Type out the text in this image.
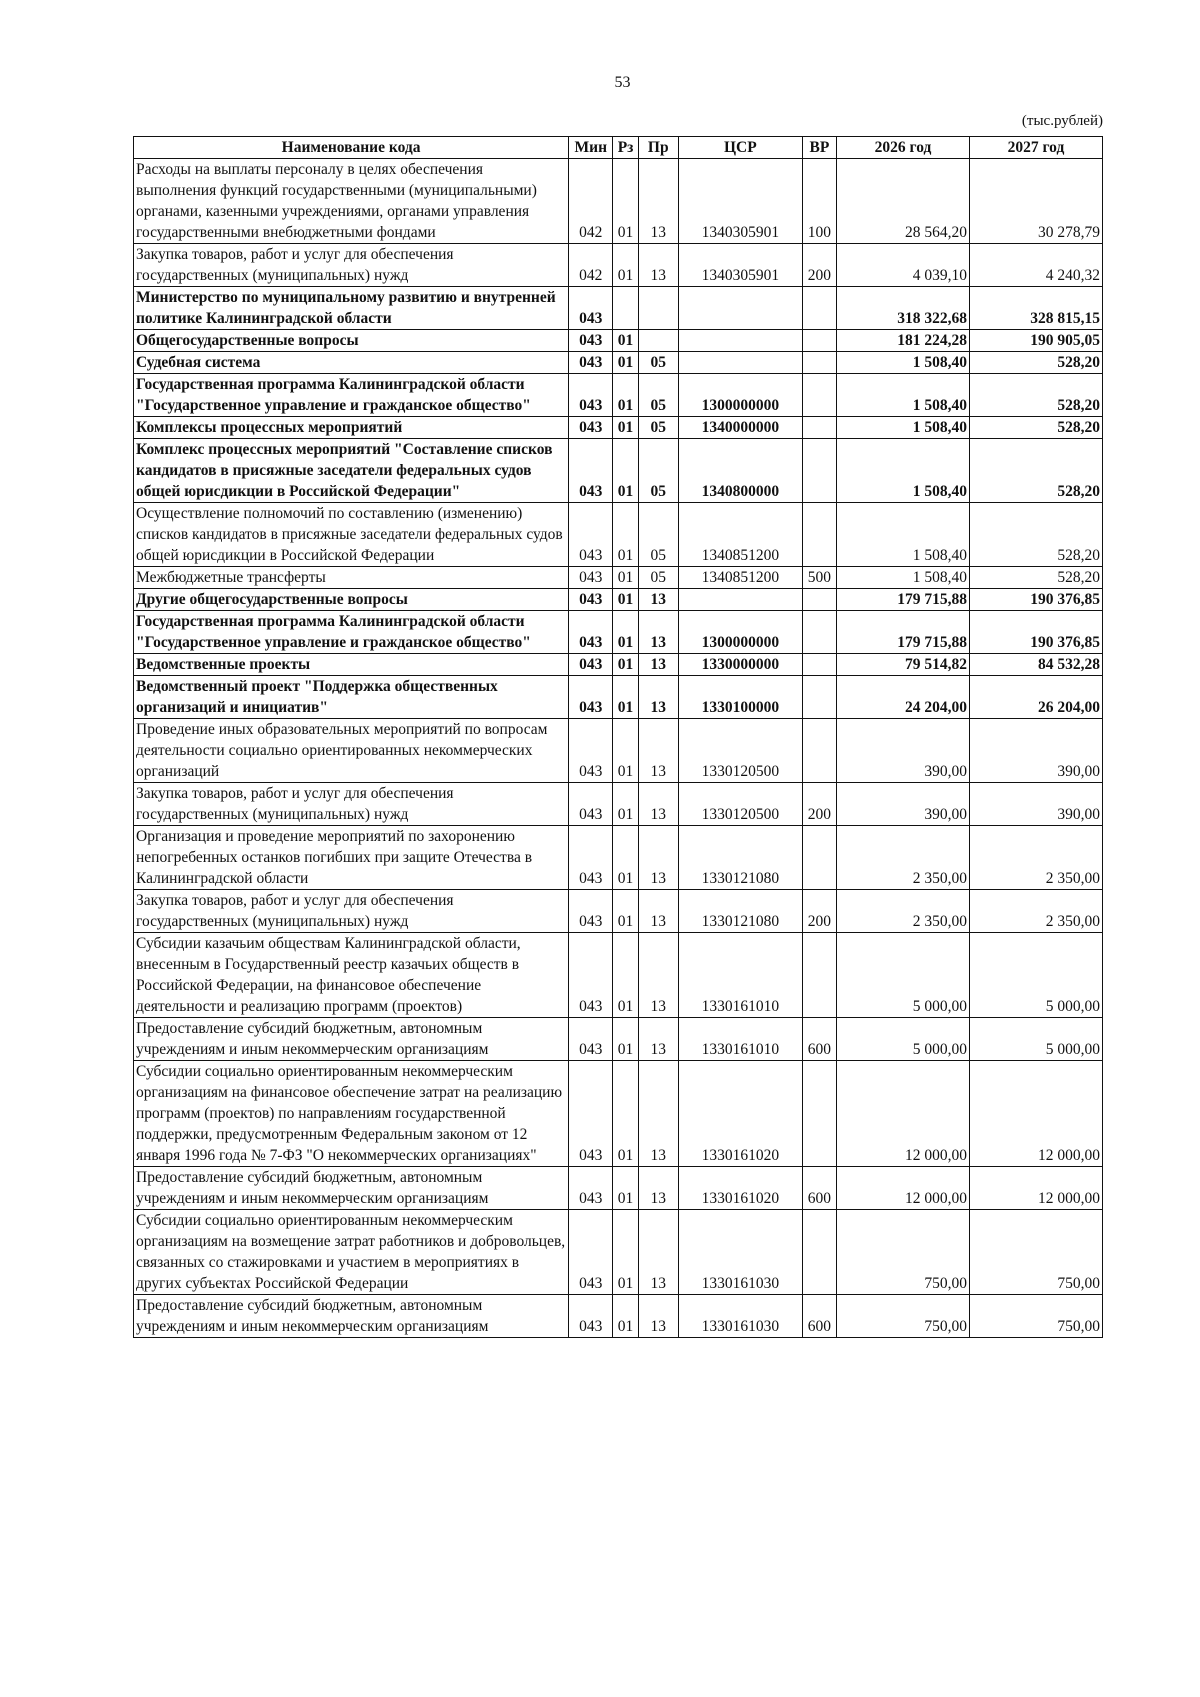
53
(тыс.рублей)
Наименование кода	Мин	Рз	Пр	ЦСР	ВР	2026 год	2027 год
Расходы на выплаты персоналу в целях обеспечения выполнения функций государственными (муниципальными) органами, казенными учреждениями, органами управления государственными внебюджетными фондами	042	01	13	1340305901	100	28 564,20	30 278,79
Закупка товаров, работ и услуг для обеспечения государственных (муниципальных) нужд	042	01	13	1340305901	200	4 039,10	4 240,32
Министерство по муниципальному развитию и внутренней политике Калининградской области	043					318 322,68	328 815,15
Общегосударственные вопросы	043	01				181 224,28	190 905,05
Судебная система	043	01	05			1 508,40	528,20
Государственная программа Калининградской области "Государственное управление и гражданское общество"	043	01	05	1300000000		1 508,40	528,20
Комплексы процессных мероприятий	043	01	05	1340000000		1 508,40	528,20
Комплекс процессных мероприятий "Составление списков кандидатов в присяжные заседатели федеральных судов общей юрисдикции в Российской Федерации"	043	01	05	1340800000		1 508,40	528,20
Осуществление полномочий по составлению (изменению) списков кандидатов в присяжные заседатели федеральных судов общей юрисдикции в Российской Федерации	043	01	05	1340851200		1 508,40	528,20
Межбюджетные трансферты	043	01	05	1340851200	500	1 508,40	528,20
Другие общегосударственные вопросы	043	01	13			179 715,88	190 376,85
Государственная программа Калининградской области "Государственное управление и гражданское общество"	043	01	13	1300000000		179 715,88	190 376,85
Ведомственные проекты	043	01	13	1330000000		79 514,82	84 532,28
Ведомственный проект "Поддержка общественных организаций и инициатив"	043	01	13	1330100000		24 204,00	26 204,00
Проведение иных образовательных мероприятий по вопросам деятельности социально ориентированных некоммерческих организаций	043	01	13	1330120500		390,00	390,00
Закупка товаров, работ и услуг для обеспечения государственных (муниципальных) нужд	043	01	13	1330120500	200	390,00	390,00
Организация и проведение мероприятий по захоронению непогребенных останков погибших при защите Отечества в Калининградской области	043	01	13	1330121080		2 350,00	2 350,00
Закупка товаров, работ и услуг для обеспечения государственных (муниципальных) нужд	043	01	13	1330121080	200	2 350,00	2 350,00
Субсидии казачьим обществам Калининградской области, внесенным в Государственный реестр казачьих обществ в Российской Федерации, на финансовое обеспечение деятельности и реализацию программ (проектов)	043	01	13	1330161010		5 000,00	5 000,00
Предоставление субсидий бюджетным, автономным учреждениям и иным некоммерческим организациям	043	01	13	1330161010	600	5 000,00	5 000,00
Субсидии социально ориентированным некоммерческим организациям на финансовое обеспечение затрат на реализацию программ (проектов) по направлениям государственной поддержки, предусмотренным Федеральным законом от 12 января 1996 года № 7-ФЗ "О некоммерческих организациях"	043	01	13	1330161020		12 000,00	12 000,00
Предоставление субсидий бюджетным, автономным учреждениям и иным некоммерческим организациям	043	01	13	1330161020	600	12 000,00	12 000,00
Субсидии социально ориентированным некоммерческим организациям на возмещение затрат работников и добровольцев, связанных со стажировками и участием в мероприятиях в других субъектах Российской Федерации	043	01	13	1330161030		750,00	750,00
Предоставление субсидий бюджетным, автономным учреждениям и иным некоммерческим организациям	043	01	13	1330161030	600	750,00	750,00
